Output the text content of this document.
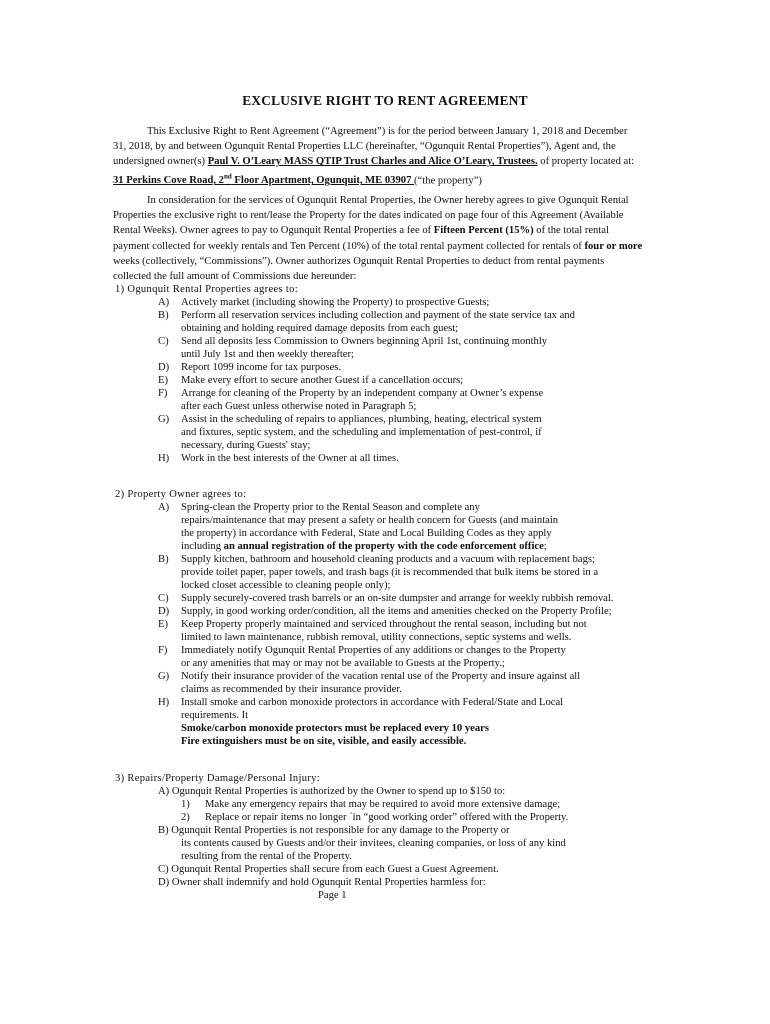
EXCLUSIVE RIGHT TO RENT AGREEMENT

This Exclusive Right to Rent Agreement (“Agreement”) is for the period between January 1, 2018 and December 31, 2018, by and between Ogunquit Rental Properties LLC (hereinafter, “Ogunquit Rental Properties”), Agent and, the undersigned owner(s) Paul V. O’Leary MASS QTIP Trust Charles and Alice O’Leary, Trustees. of property located at: 31 Perkins Cove Road, 2nd Floor Apartment, Ogunquit, ME 03907 (“the property”)

In consideration for the services of Ogunquit Rental Properties, the Owner hereby agrees to give Ogunquit Rental Properties the exclusive right to rent/lease the Property for the dates indicated on page four of this Agreement (Available Rental Weeks). Owner agrees to pay to Ogunquit Rental Properties a fee of Fifteen Percent (15%) of the total rental payment collected for weekly rentals and Ten Percent (10%) of the total rental payment collected for rentals of four or more weeks (collectively, “Commissions”). Owner authorizes Ogunquit Rental Properties to deduct from rental payments collected the full amount of Commissions due hereunder:

1) Ogunquit Rental Properties agrees to:
A) Actively market (including showing the Property) to prospective Guests;
B) Perform all reservation services including collection and payment of the state service tax and
obtaining and holding required damage deposits from each guest;
C) Send all deposits less Commission to Owners beginning April 1st, continuing monthly
until July 1st and then weekly thereafter;
D) Report 1099 income for tax purposes.
E) Make every effort to secure another Guest if a cancellation occurs;
F) Arrange for cleaning of the Property by an independent company at Owner’s expense
after each Guest unless otherwise noted in Paragraph 5;
G) Assist in the scheduling of repairs to appliances, plumbing, heating, electrical system
and fixtures, septic system, and the scheduling and implementation of pest-control, if
necessary, during Guests' stay;
H) Work in the best interests of the Owner at all times.
2) Property Owner agrees to:
A) Spring-clean the Property prior to the Rental Season and complete any
repairs/maintenance that may present a safety or health concern for Guests (and maintain
the property) in accordance with Federal, State and Local Building Codes as they apply
including an annual registration of the property with the code enforcement office;
B) Supply kitchen, bathroom and household cleaning products and a vacuum with replacement bags;
provide toilet paper, paper towels, and trash bags (it is recommended that bulk items be stored in a
locked closet accessible to cleaning people only);
C) Supply securely-covered trash barrels or an on-site dumpster and arrange for weekly rubbish removal.
D) Supply, in good working order/condition, all the items and amenities checked on the Property Profile;
E) Keep Property properly maintained and serviced throughout the rental season, including but not
limited to lawn maintenance, rubbish removal, utility connections, septic systems and wells.
F) Immediately notify Ogunquit Rental Properties of any additions or changes to the Property
or any amenities that may or may not be available to Guests at the Property.;
G) Notify their insurance provider of the vacation rental use of the Property and insure against all
claims as recommended by their insurance provider.
H) Install smoke and carbon monoxide protectors in accordance with Federal/State and Local
requirements. It
Smoke/carbon monoxide protectors must be replaced every 10 years
Fire extinguishers must be on site, visible, and easily accessible.
3) Repairs/Property Damage/Personal Injury:
A) Ogunquit Rental Properties is authorized by the Owner to spend up to $150 to:
1)	Make any emergency repairs that may be required to avoid more extensive damage;
2)	Replace or repair items no longer ´in “good working order” offered with the Property.
B) Ogunquit Rental Properties is not responsible for any damage to the Property or
its contents caused by Guests and/or their invitees, cleaning companies, or loss of any kind
resulting from the rental of the Property.
C) Ogunquit Rental Properties shall secure from each Guest a Guest Agreement.
D) Owner shall indemnify and hold Ogunquit Rental Properties harmless for:
Page 1
